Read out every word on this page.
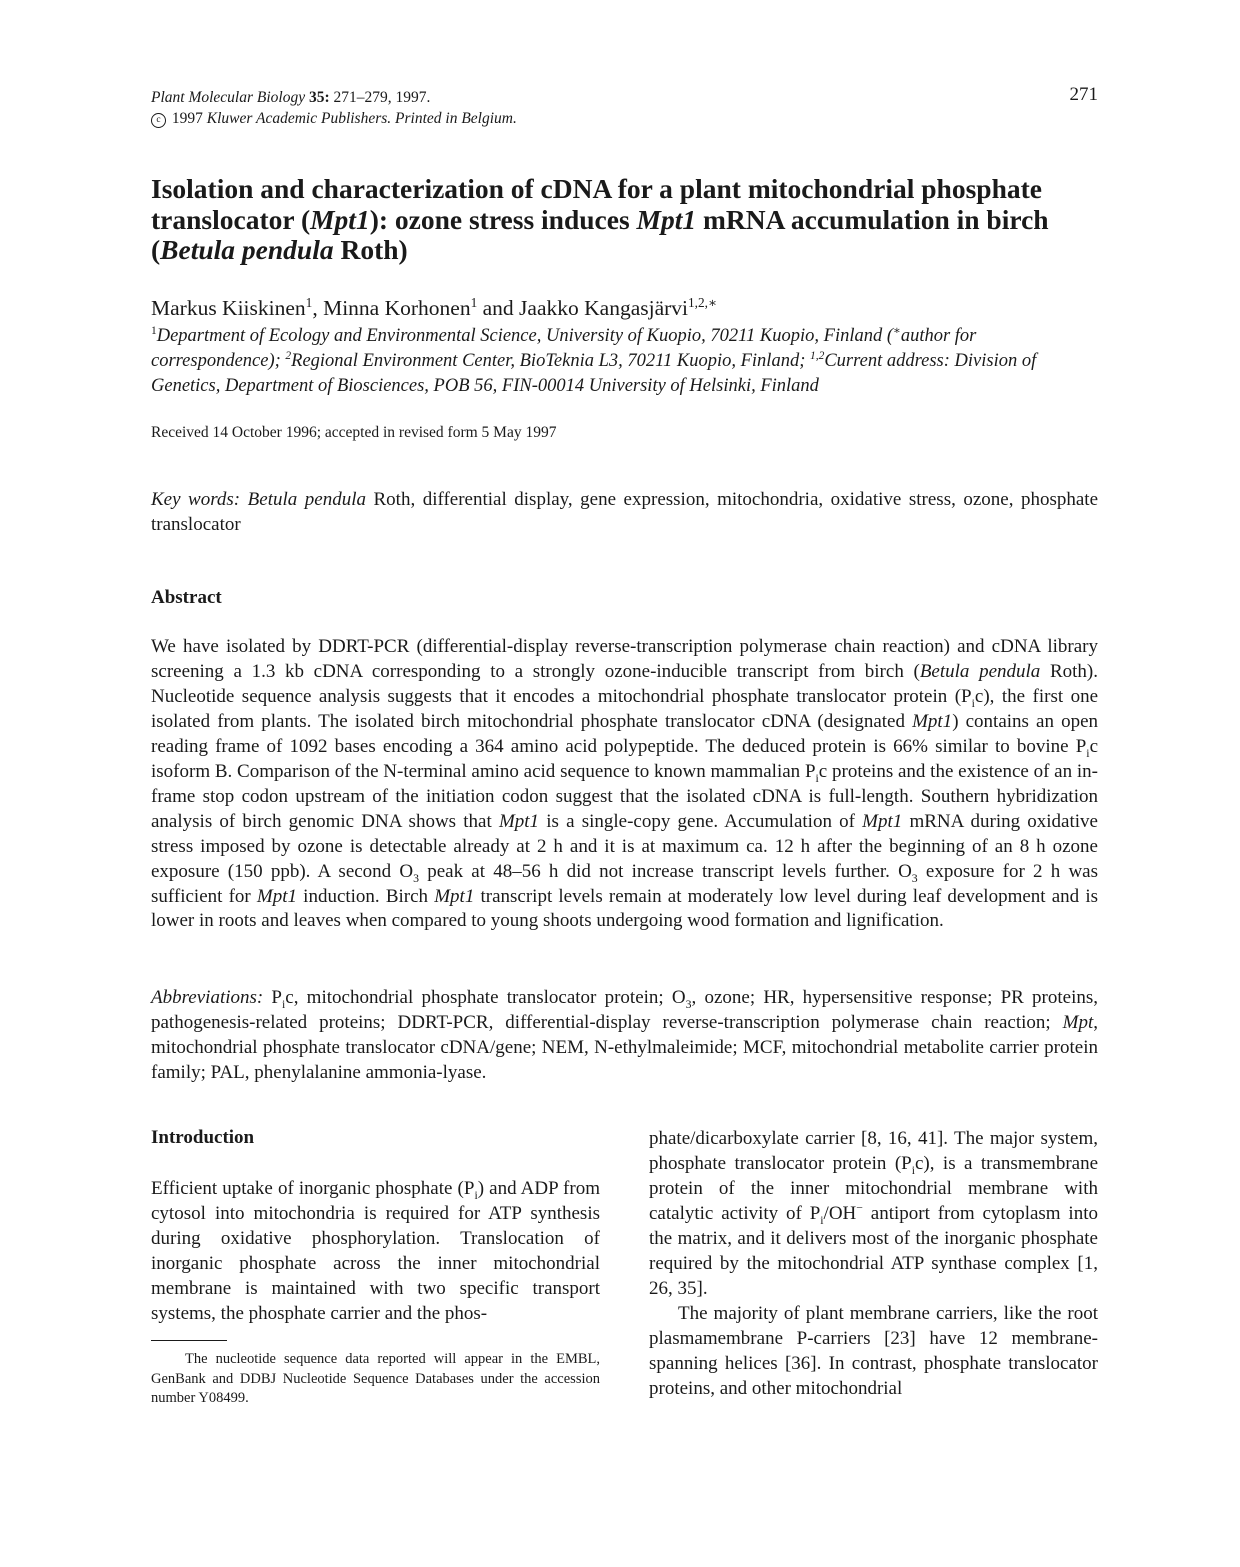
Plant Molecular Biology 35: 271–279, 1997.
c 1997 Kluwer Academic Publishers. Printed in Belgium.
271
Isolation and characterization of cDNA for a plant mitochondrial phosphate translocator (Mpt1): ozone stress induces Mpt1 mRNA accumulation in birch (Betula pendula Roth)
Markus Kiiskinen$^1$, Minna Korhonen$^1$ and Jaakko Kangasjärvi$^{1,2,∗}$
$^1$Department of Ecology and Environmental Science, University of Kuopio, 70211 Kuopio, Finland (∗author for correspondence); $^2$Regional Environment Center, BioTeknia L3, 70211 Kuopio, Finland; $^{1,2}$Current address: Division of Genetics, Department of Biosciences, POB 56, FIN-00014 University of Helsinki, Finland
Received 14 October 1996; accepted in revised form 5 May 1997
Key words: Betula pendula Roth, differential display, gene expression, mitochondria, oxidative stress, ozone, phosphate translocator
Abstract
We have isolated by DDRT-PCR (differential-display reverse-transcription polymerase chain reaction) and cDNA library screening a 1.3 kb cDNA corresponding to a strongly ozone-inducible transcript from birch (Betula pendula Roth). Nucleotide sequence analysis suggests that it encodes a mitochondrial phosphate translocator protein $(P_ic)$, the first one isolated from plants. The isolated birch mitochondrial phosphate translocator cDNA (designated Mpt1) contains an open reading frame of 1092 bases encoding a 364 amino acid polypeptide. The deduced protein is 66% similar to bovine $P_ic$ isoform B. Comparison of the N-terminal amino acid sequence to known mammalian $P_ic$ proteins and the existence of an in-frame stop codon upstream of the initiation codon suggest that the isolated cDNA is full-length. Southern hybridization analysis of birch genomic DNA shows that Mpt1 is a single-copy gene. Accumulation of Mpt1 mRNA during oxidative stress imposed by ozone is detectable already at 2 h and it is at maximum ca. 12 h after the beginning of an 8 h ozone exposure (150 ppb). A second $O_3$ peak at 48–56 h did not increase transcript levels further. $O_3$ exposure for 2 h was sufficient for Mpt1 induction. Birch Mpt1 transcript levels remain at moderately low level during leaf development and is lower in roots and leaves when compared to young shoots undergoing wood formation and lignification.
Abbreviations: $P_ic$, mitochondrial phosphate translocator protein; $O_3$, ozone; HR, hypersensitive response; PR proteins, pathogenesis-related proteins; DDRT-PCR, differential-display reverse-transcription polymerase chain reaction; Mpt, mitochondrial phosphate translocator cDNA/gene; NEM, N-ethylmaleimide; MCF, mitochondrial metabolite carrier protein family; PAL, phenylalanine ammonia-lyase.
Introduction

Efficient uptake of inorganic phosphate $(P_i)$ and ADP from cytosol into mitochondria is required for ATP synthesis during oxidative phosphorylation. Translocation of inorganic phosphate across the inner mitochondrial membrane is maintained with two specific transport systems, the phosphate carrier and the phos-

phate/dicarboxylate carrier [8, 16, 41]. The major system, phosphate translocator protein $(P_ic)$, is a transmembrane protein of the inner mitochondrial membrane with catalytic activity of $P_i/OH^-$ antiport from cytoplasm into the matrix, and it delivers most of the inorganic phosphate required by the mitochondrial ATP synthase complex [1, 26, 35].

The majority of plant membrane carriers, like the root plasmamembrane P-carriers [23] have 12 membrane-spanning helices [36]. In contrast, phosphate translocator proteins, and other mitochondrial

The nucleotide sequence data reported will appear in the EMBL, GenBank and DDBJ Nucleotide Sequence Databases under the accession number Y08499.
